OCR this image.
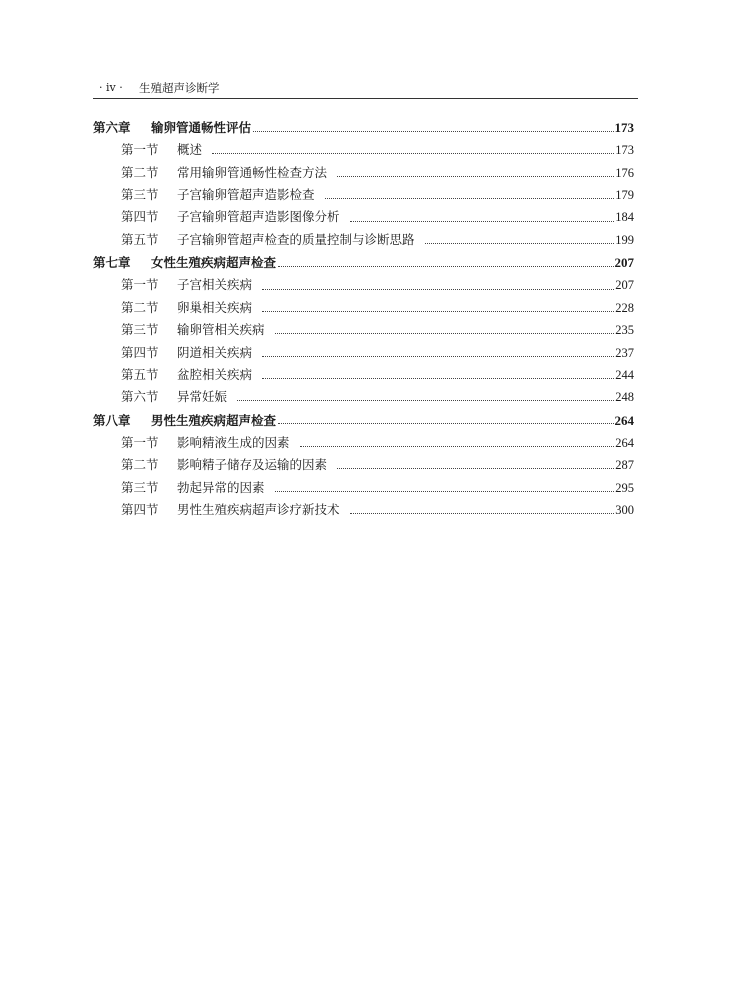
· iv · 生殖超声诊断学
第六章	输卵管通畅性评估	173
第一节	概述	173
第二节	常用输卵管通畅性检查方法	176
第三节	子宫输卵管超声造影检查	179
第四节	子宫输卵管超声造影图像分析	184
第五节	子宫输卵管超声检查的质量控制与诊断思路	199
第七章	女性生殖疾病超声检查	207
第一节	子宫相关疾病	207
第二节	卵巢相关疾病	228
第三节	输卵管相关疾病	235
第四节	阴道相关疾病	237
第五节	盆腔相关疾病	244
第六节	异常妊娠	248
第八章	男性生殖疾病超声检查	264
第一节	影响精液生成的因素	264
第二节	影响精子储存及运输的因素	287
第三节	勃起异常的因素	295
第四节	男性生殖疾病超声诊疗新技术	300
